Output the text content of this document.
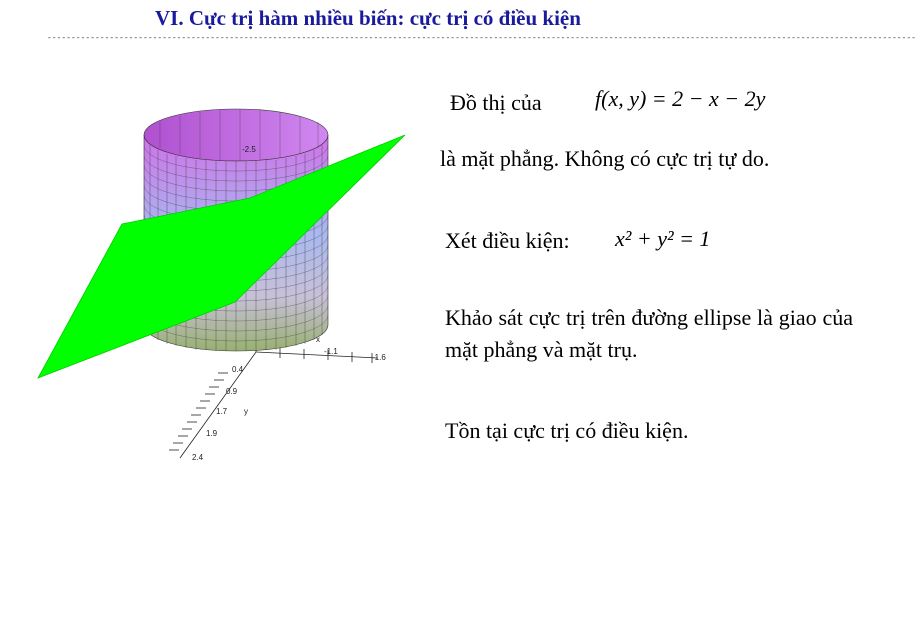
VI. Cực trị hàm nhiều biến: cực trị có điều kiện
-------------------------------------------------------------------------------------------------------------------------------------------------------------------------------------
-2.5
-1.1
-1.6
0.4
0.9
1.7
1.9
2.4
y
x
Đồ thị của f(x, y) = 2 − x − 2y
là mặt phẳng. Không có cực trị tự do.
Xét điều kiện: x² + y² = 1
Khảo sát cực trị trên đường ellipse là giao của mặt phẳng và mặt trụ.
Tồn tại cực trị có điều kiện.
